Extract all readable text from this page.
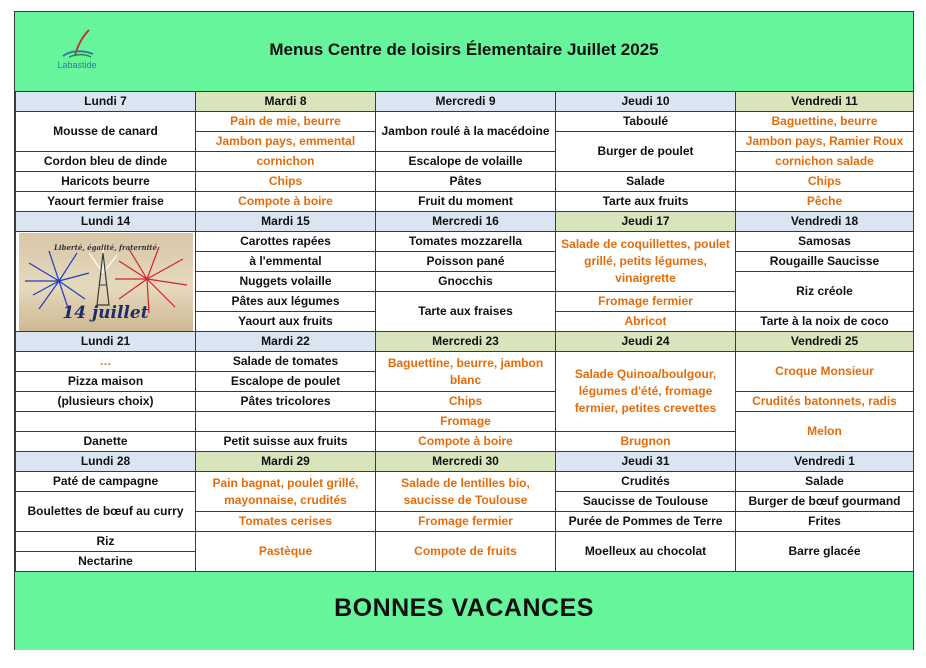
Labastide
st Pierre
Menus Centre de loisirs Élementaire Juillet 2025
Lundi 7	Mardi 8	Mercredi 9	Jeudi 10	Vendredi 11
Mousse de canard	Pain de mie, beurre	Jambon roulé à la macédoine	Taboulé	Baguettine, beurre
	Jambon pays, emmental		Burger de poulet	Jambon pays, Ramier Roux
Cordon bleu de dinde	cornichon	Escalope de volaille		cornichon salade
Haricots beurre	Chips	Pâtes	Salade	Chips
Yaourt fermier fraise	Compote à boire	Fruit du moment	Tarte aux fruits	Pêche
Lundi 14	Mardi 15	Mercredi 16	Jeudi 17	Vendredi 18

Liberté, égalité, fraternité
14 juillet	Carottes rapées	Tomates mozzarella	Salade de coquillettes, poulet grillé, petits légumes, vinaigrette	Samosas
	à l'emmental	Poisson pané		Rougaille Saucisse
	Nuggets volaille	Gnocchis		Riz créole
	Pâtes aux légumes	Tarte aux fraises	Fromage fermier	
	Yaourt aux fruits		Abricot	Tarte à la noix de coco
Lundi 21	Mardi 22	Mercredi 23	Jeudi 24	Vendredi 25
…	Salade de tomates	Baguettine, beurre, jambon blanc	Salade Quinoa/boulgour, légumes d'été, fromage fermier, petites crevettes	Croque Monsieur
Pizza maison	Escalope de poulet			
(plusieurs choix)	Pâtes tricolores	Chips		Crudités batonnets, radis
		Fromage		Melon
Danette	Petit suisse aux fruits	Compote à boire	Brugnon	
Lundi 28	Mardi 29	Mercredi 30	Jeudi 31	Vendredi 1
Paté de campagne	Pain bagnat, poulet grillé, mayonnaise, crudités	Salade de lentilles bio, saucisse de Toulouse	Crudités	Salade
Boulettes de bœuf au curry			Saucisse de Toulouse	Burger de bœuf gourmand
	Tomates cerises	Fromage fermier	Purée de Pommes de Terre	Frites
Riz	Pastèque	Compote de fruits	Moelleux au chocolat	Barre glacée
Nectarine				
BONNES VACANCES
